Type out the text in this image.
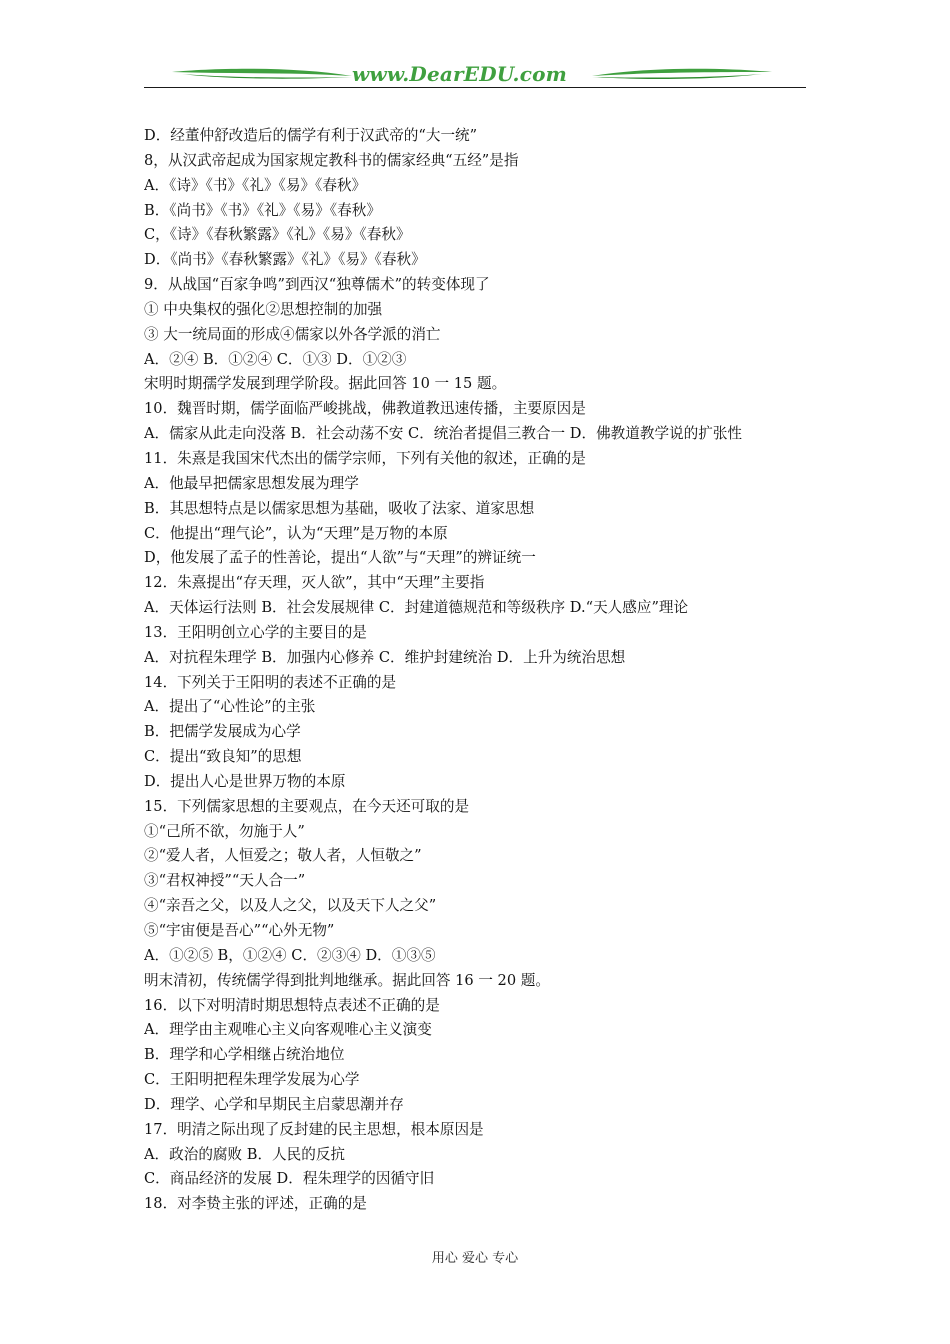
www.DearEDU.com
D．经董仲舒改造后的儒学有利于汉武帝的“大一统”
8，从汉武帝起成为国家规定教科书的儒家经典“五经”是指
A．《诗》《书》《礼》《易》《春秋》
B．《尚书》《书》《礼》《易》《春秋》
C，《诗》《春秋繁露》《礼》《易》《春秋》
D．《尚书》《春秋繁露》《礼》《易》《春秋》
9．从战国“百家争鸣”到西汉“独尊儒术”的转变体现了
① 中央集权的强化②思想控制的加强
③ 大一统局面的形成④儒家以外各学派的消亡
A．②④ B．①②④ C．①③ D．①②③
宋明时期孺学发展到理学阶段。据此回答 10 一 15 题。
10．魏晋时期，儒学面临严峻挑战，佛教道教迅速传播，主要原因是
A．儒家从此走向没落 B．社会动荡不安 C．统治者提倡三教合一 D．佛教道教学说的扩张性
11．朱熹是我国宋代杰出的儒学宗师，下列有关他的叙述，正确的是
A．他最早把儒家思想发展为理学
B．其思想特点是以儒家思想为基础，吸收了法家、道家思想
C．他提出“理气论”，认为“天理”是万物的本原
D，他发展了孟子的性善论，提出“人欲”与“天理”的辨证统一
12．朱熹提出“存天理，灭人欲”，其中“天理”主要指
A．天体运行法则 B．社会发展规律 C．封建道德规范和等级秩序 D.“天人感应”理论
13．王阳明创立心学的主要目的是
A．对抗程朱理学 B．加强内心修养 C．维护封建统治 D．上升为统治思想
14．下列关于王阳明的表述不正确的是
A．提出了“心性论”的主张
B．把儒学发展成为心学
C．提出“致良知”的思想
D．提出人心是世界万物的本原
15．下列儒家思想的主要观点，在今天还可取的是
①“己所不欲，勿施于人”
②“爱人者，人恒爱之；敬人者，人恒敬之”
③“君权神授”“天人合一”
④“亲吾之父，以及人之父，以及天下人之父”
⑤“宇宙便是吾心”“心外无物”
A．①②⑤ B，①②④ C．②③④ D．①③⑤
明末清初，传统儒学得到批判地继承。据此回答 16 一 20 题。
16．以下对明清时期思想特点表述不正确的是
A．理学由主观唯心主义向客观唯心主义演变
B．理学和心学相继占统治地位
C．王阳明把程朱理学发展为心学
D．理学、心学和早期民主启蒙思潮并存
17．明清之际出现了反封建的民主思想，根本原因是
A．政治的腐败 B．人民的反抗
C．商品经济的发展 D．程朱理学的因循守旧
18．对李贽主张的评述，正确的是
用心 爱心 专心
